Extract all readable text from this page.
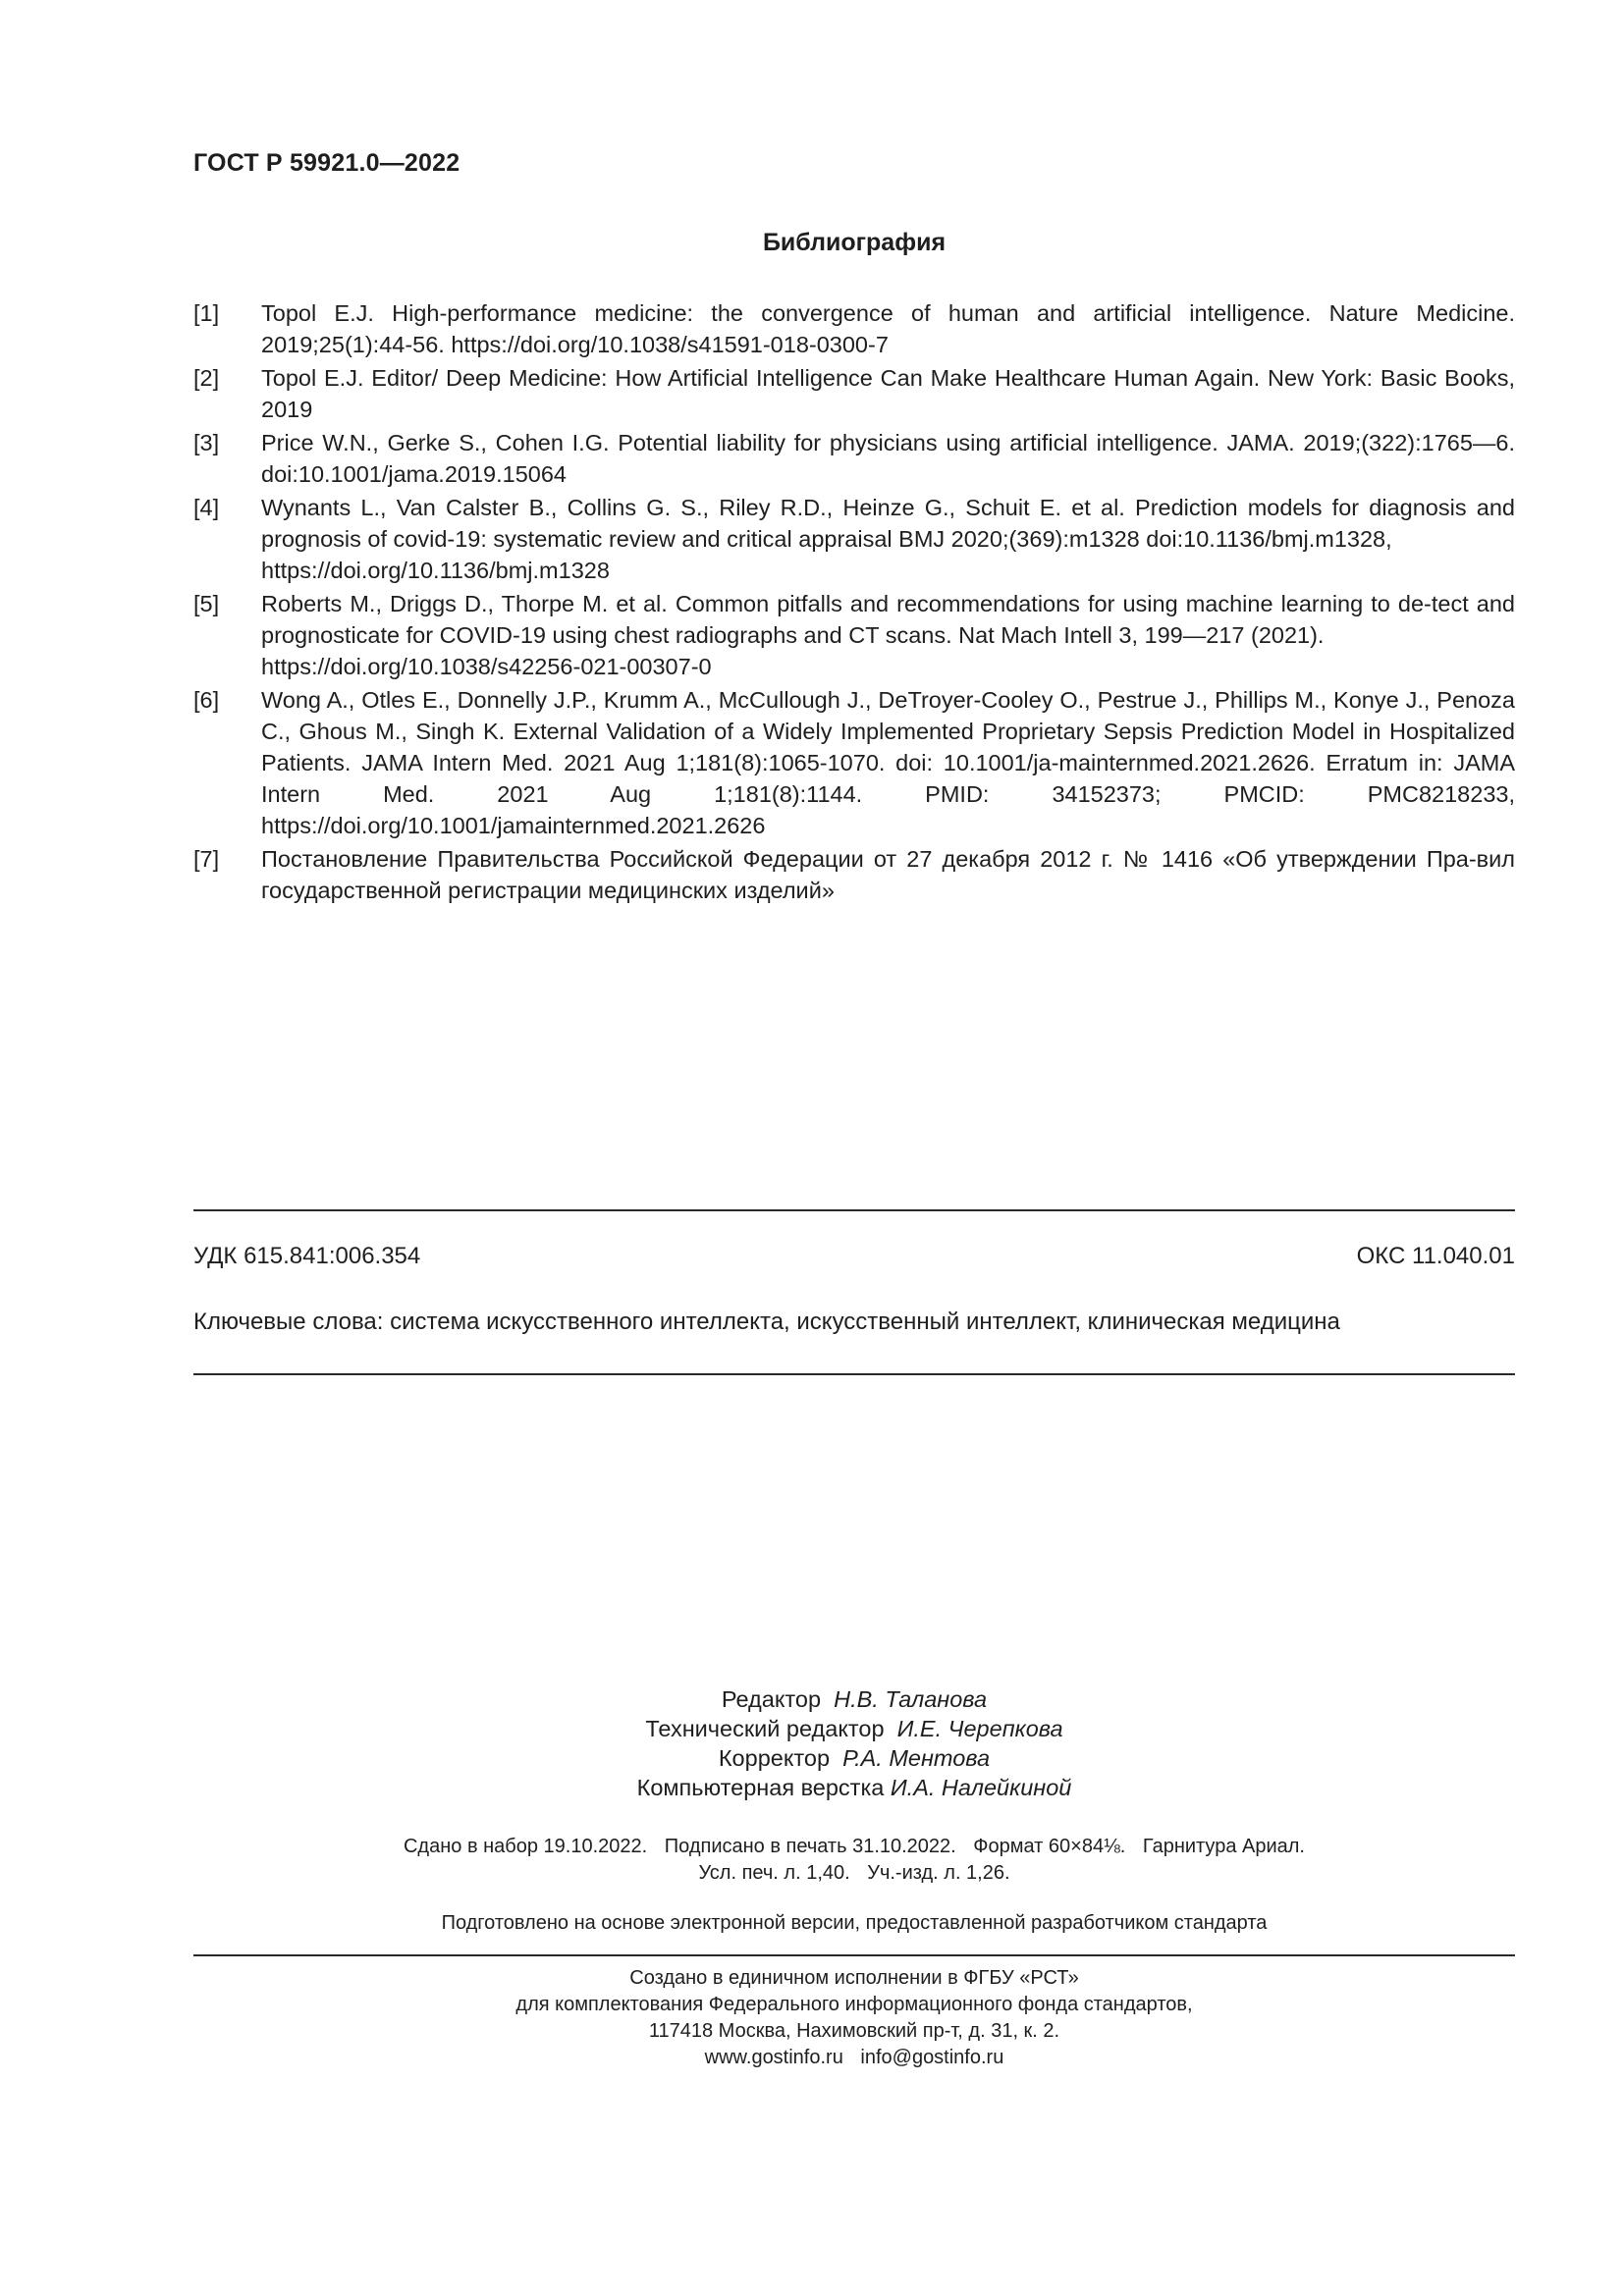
ГОСТ Р 59921.0—2022
Библиография
[1]	Topol E.J. High-performance medicine: the convergence of human and artificial intelligence. Nature Medicine. 2019;25(1):44-56. https://doi.org/10.1038/s41591-018-0300-7
[2]	Topol E.J. Editor/ Deep Medicine: How Artificial Intelligence Can Make Healthcare Human Again. New York: Basic Books, 2019
[3]	Price W.N., Gerke S., Cohen I.G. Potential liability for physicians using artificial intelligence. JAMA. 2019;(322):1765—6. doi:10.1001/jama.2019.15064
[4]	Wynants L., Van Calster B., Collins G. S., Riley R.D., Heinze G., Schuit E. et al. Prediction models for diagnosis and prognosis of covid-19: systematic review and critical appraisal BMJ 2020;(369):m1328 doi:10.1136/bmj.m1328,
https://doi.org/10.1136/bmj.m1328
[5]	Roberts M., Driggs D., Thorpe M. et al. Common pitfalls and recommendations for using machine learning to de-tect and prognosticate for COVID-19 using chest radiographs and CT scans. Nat Mach Intell 3, 199—217 (2021).
https://doi.org/10.1038/s42256-021-00307-0
[6]	Wong A., Otles E., Donnelly J.P., Krumm A., McCullough J., DeTroyer-Cooley O., Pestrue J., Phillips M., Konye J., Penoza C., Ghous M., Singh K. External Validation of a Widely Implemented Proprietary Sepsis Prediction Model in Hospitalized Patients. JAMA Intern Med. 2021 Aug 1;181(8):1065-1070. doi: 10.1001/ja-mainternmed.2021.2626. Erratum in: JAMA Intern Med. 2021 Aug 1;181(8):1144. PMID: 34152373; PMCID: PMC8218233, https://doi.org/10.1001/jamainternmed.2021.2626
[7]	Постановление Правительства Российской Федерации от 27 декабря 2012 г. № 1416 «Об утверждении Пра-вил государственной регистрации медицинских изделий»
УДК 615.841:006.354	ОКС 11.040.01
Ключевые слова: система искусственного интеллекта, искусственный интеллект, клиническая медицина
Редактор Н.В. Таланова
Технический редактор И.Е. Черепкова
Корректор Р.А. Ментова
Компьютерная верстка И.А. Налейкиной
Сдано в набор 19.10.2022. Подписано в печать 31.10.2022. Формат 60×84⅛. Гарнитура Ариал.
Усл. печ. л. 1,40. Уч.-изд. л. 1,26.
Подготовлено на основе электронной версии, предоставленной разработчиком стандарта
Создано в единичном исполнении в ФГБУ «РСТ»
для комплектования Федерального информационного фонда стандартов,
117418 Москва, Нахимовский пр-т, д. 31, к. 2.
www.gostinfo.ru info@gostinfo.ru
